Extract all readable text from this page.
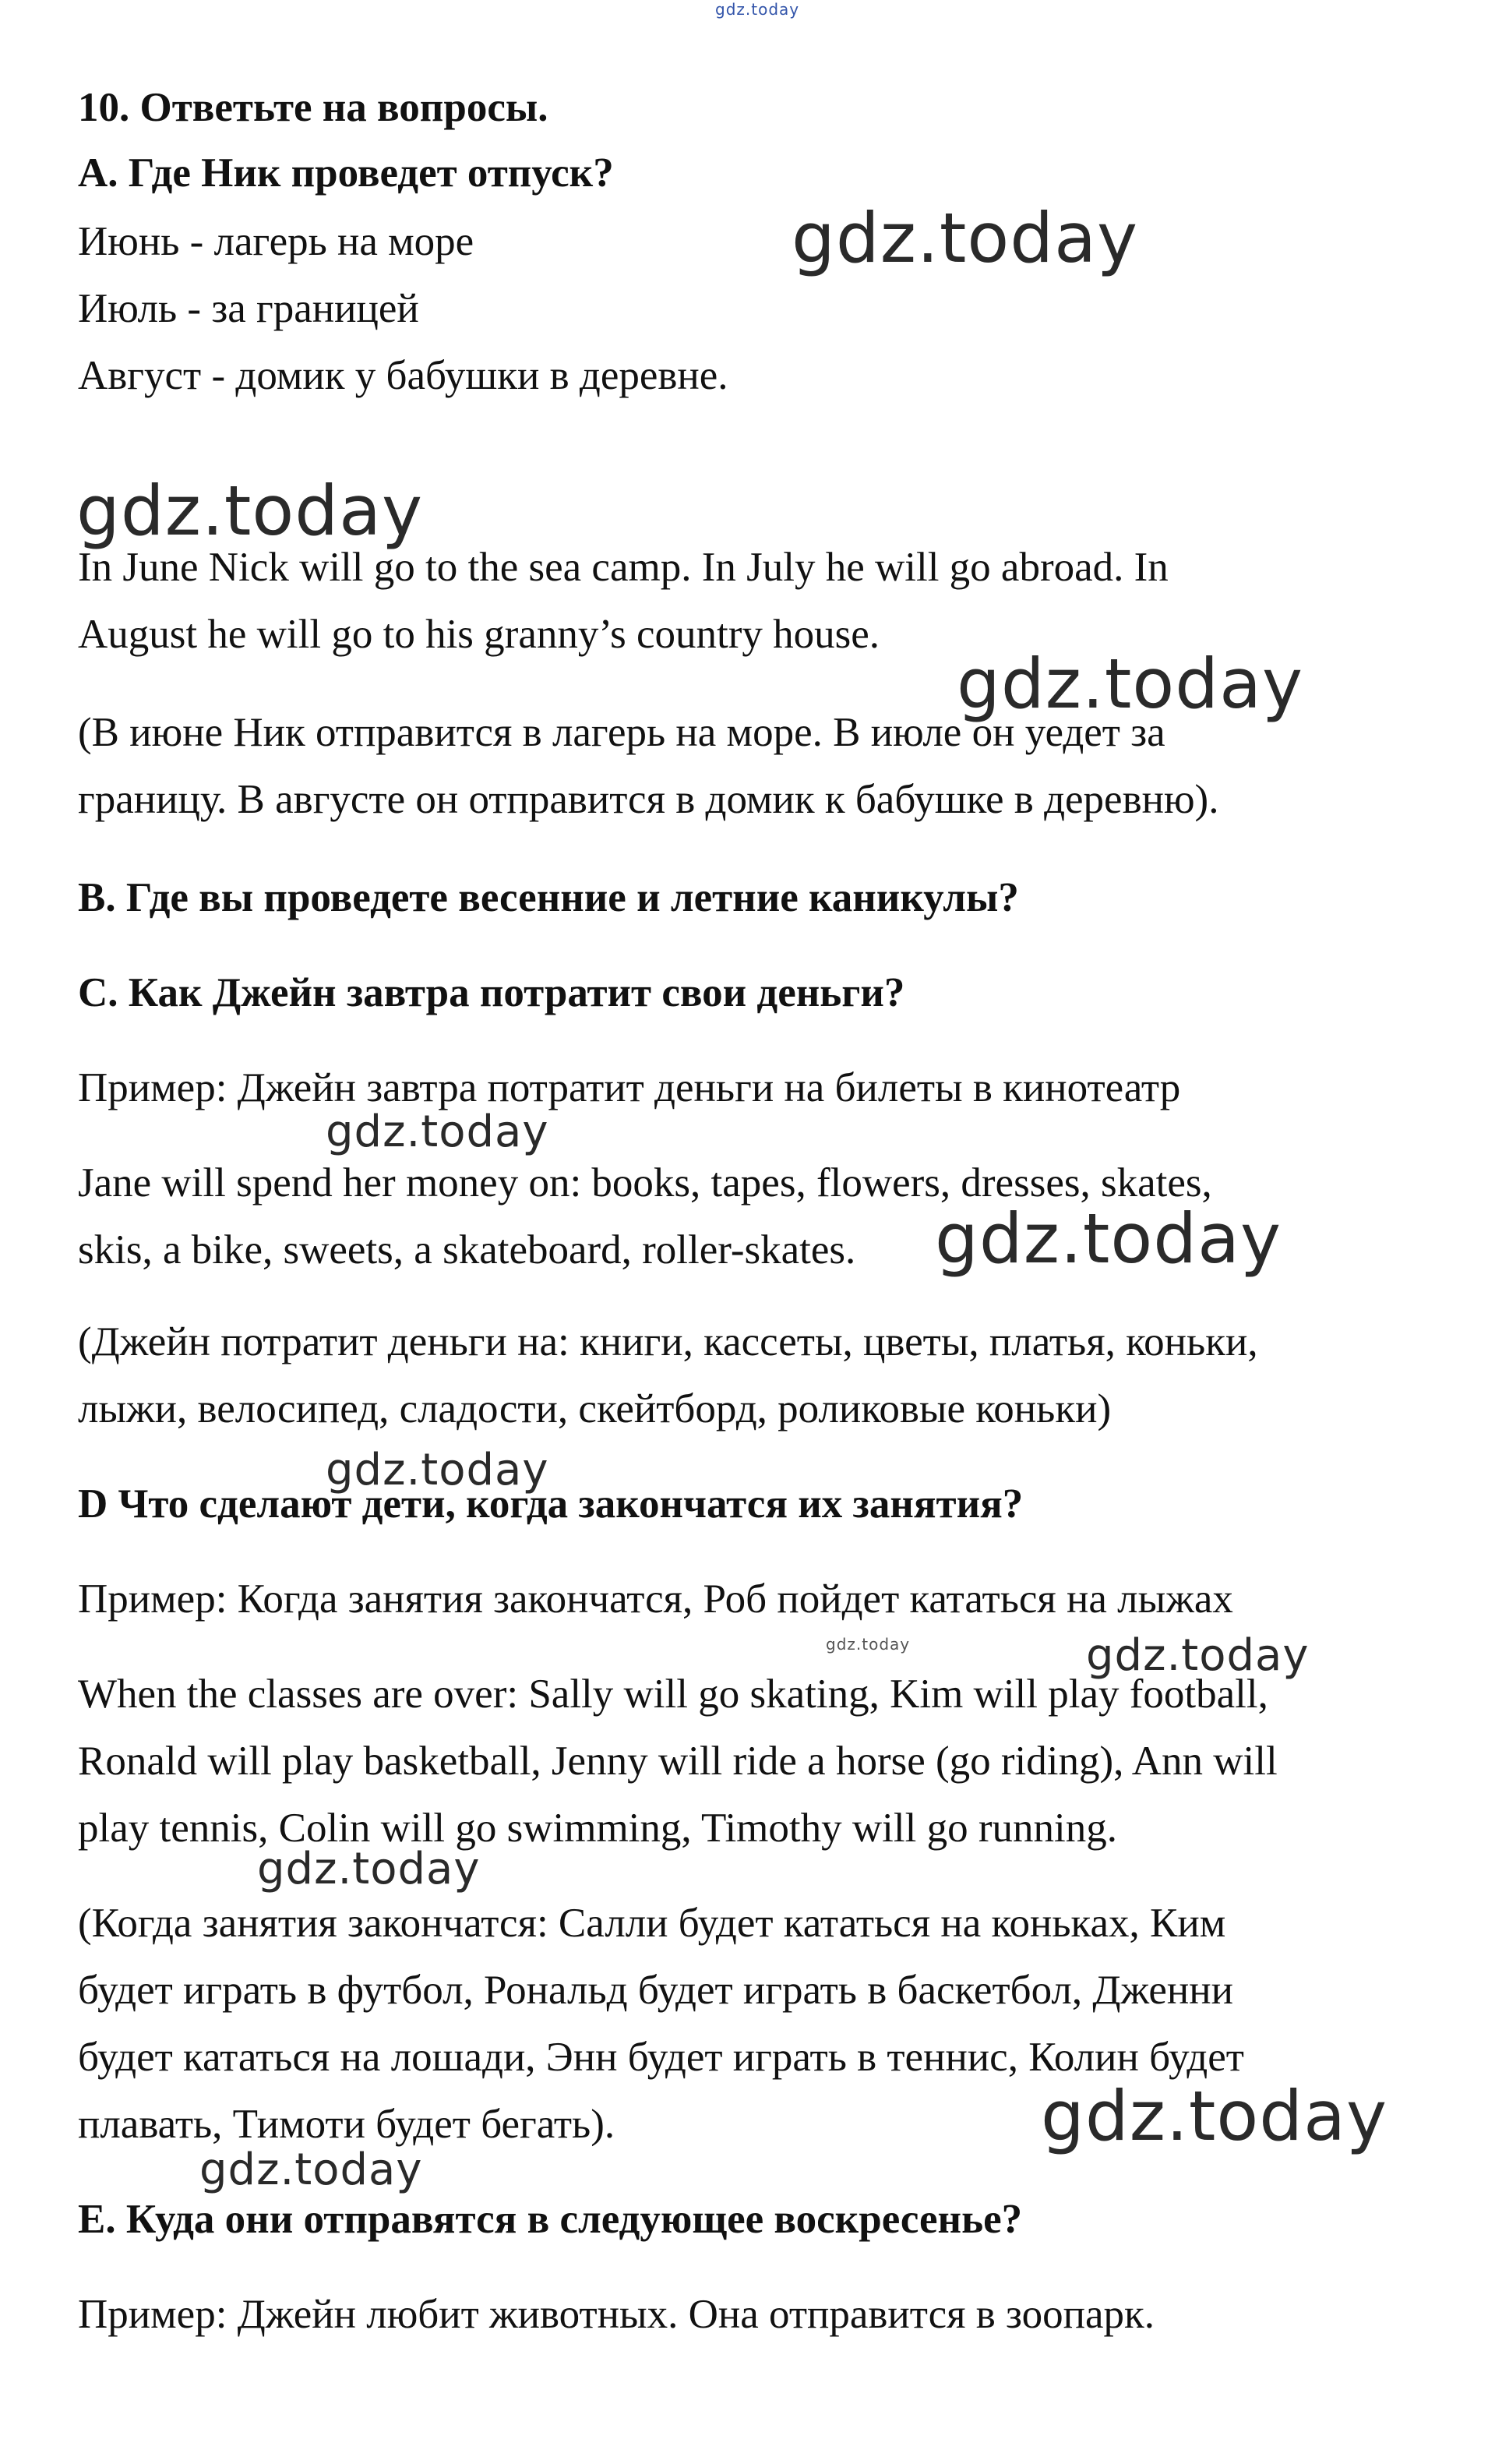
10. Ответьте на вопросы.
A. Где Ник проведет отпуск?
Июнь - лагерь на море
Июль - за границей
Август - домик у бабушки в деревне.
In June Nick will go to the sea camp. In July he will go abroad. In
August he will go to his granny’s country house.
(В июне Ник отправится в лагерь на море. В июле он уедет за
границу. В августе он отправится в домик к бабушке в деревню).
B. Где вы проведете весенние и летние каникулы?
C. Как Джейн завтра потратит свои деньги?
Пример: Джейн завтра потратит деньги на билеты в кинотеатр
Jane will spend her money on: books, tapes, flowers, dresses, skates,
skis, a bike, sweets, a skateboard, roller-skates.
(Джейн потратит деньги на: книги, кассеты, цветы, платья, коньки,
лыжи, велосипед, сладости, скейтборд, роликовые коньки)
D Что сделают дети, когда закончатся их занятия?
Пример: Когда занятия закончатся, Роб пойдет кататься на лыжах
When the classes are over: Sally will go skating, Kim will play football,
Ronald will play basketball, Jenny will ride a horse (go riding), Ann will
play tennis, Colin will go swimming, Timothy will go running.
(Когда занятия закончатся: Салли будет кататься на коньках, Ким
будет играть в футбол, Рональд будет играть в баскетбол, Дженни
будет кататься на лошади, Энн будет играть в теннис, Колин будет
плавать, Тимоти будет бегать).
E. Куда они отправятся в следующее воскресенье?
Пример: Джейн любит животных. Она отправится в зоопарк.
gdz.today
gdz.today
gdz.today
gdz.today
gdz.today
gdz.today
gdz.today
gdz.today	gdz.today
gdz.today
gdz.today
gdz.today
